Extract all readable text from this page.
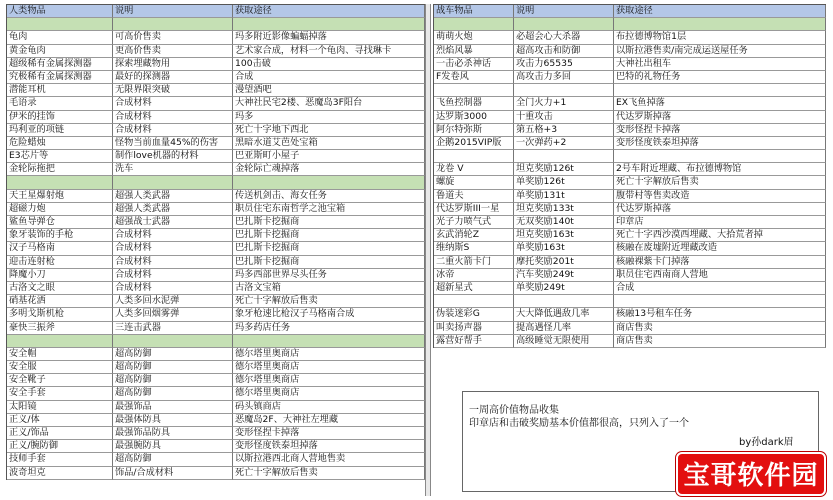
人类物品	说明	获取途径
龟肉	可高价售卖	玛多附近影像蝙蝠掉落
黄金龟肉	更高价售卖	艺术家合成，材料一个龟肉、寻找琳卡
超级稀有金属探测器	探索埋藏物用	100击破
究极稀有金属探测器	最好的探测器	合成
潜能耳机	无限界限突破	漫望酒吧
毛语录	合成材料	大神社民宅2楼、恶魔岛3F阳台
伊米的挂饰	合成材料	玛多
玛利亚的项链	合成材料	死亡十字地下西北
危险蜡烛	怪物当前血量45%的伤害	黑暗水道艾芭处宝箱
E3芯片等	制作love机器的材料	巴亚斯町小屋子
金轮际拖把	洗车	金轮际亡魂掉落
天王星爆射炮	超强人类武器	传送机剑击、海女任务
超磁力炮	超强人类武器	职员住宅东南哲学之池宝箱
鲨鱼导弹仓	超强战士武器	巴扎斯卡挖掘商
象牙装饰的手枪	合成材料	巴扎斯卡挖掘商
汉子马格南	合成材料	巴扎斯卡挖掘商
迎击连射枪	合成材料	巴扎斯卡挖掘商
降魔小刀	合成材料	玛多西部世界尽头任务
古洛文之眼	合成材料	古洛文宝箱
硝基花洒	人类多回水泥弹	死亡十字解放后售卖
多明戈斯机枪	人类多回烟雾弹	象牙枪速比枪汉子马格南合成
豪快三振斧	三连击武器	玛多药店任务
安全帽	超高防御	德尔塔里奥商店
安全服	超高防御	德尔塔里奥商店
安全靴子	超高防御	德尔塔里奥商店
安全手套	超高防御	德尔塔里奥商店
太阳镜	最强饰品	码头镇商店
正义/体	最强体防具	恶魔岛2F、大神社左埋藏
正义/饰品	最强饰品防具	变形怪捏卡掉落
正义/腕防御	最强腕防具	变形怪度铁泰坦掉落
技师手套	超高防御	以斯拉港西北商人营地售卖
波奇坦克	饰品/合成材料	死亡十字解放后售卖
战车物品	说明	获取途径
萌萌火炮	必超会心大杀器	布拉德博物馆1层
烈焰风暴	超高攻击和防御	以斯拉港售卖/南完成运送屋任务
一击必杀神话	攻击力65535	大神社出租车
F发卷风	高攻击力多回	巴特的礼物任务
飞鱼控制器	全门火力+1	EX飞鱼掉落
达罗斯3000	十重攻击	代达罗斯掉落
阿尔特弥斯	第五格+3	变形怪捏卡掉落
企鹅2015VIP版	一次弹药+2	变形怪度铁泰坦掉落
龙卷 V	坦克奖励126t	2号车附近埋藏、布拉德博物馆
螺旋	单奖励126t	死亡十字解放后售卖
鲁道夫	单奖励131t	腹带村等售卖改造
代达罗斯III一星	坦克奖励133t	代达罗斯掉落
光子力喷气式	无双奖励140t	印章店
玄武消轮Z	坦克奖励163t	死亡十字西沙漠西埋藏、大拾荒者掉
维纳斯S	单奖励163t	核融在废墟附近埋藏改造
二重火箭卡门	摩托奖励201t	核融裸紫卡门掉落
冰帝	汽车奖励249t	职员住宅西南商人营地
超新星式	单奖励249t	合成
伪装迷彩G	大大降低遇敌几率	核融13号租车任务
叫卖扬声器	提高遇怪几率	商店售卖
露营好帮手	高级睡觉无限使用	商店售卖
一周高价值物品收集
印章店和击破奖励基本价值都很高，只列入了一个
by孙dark眉
宝哥软件园
